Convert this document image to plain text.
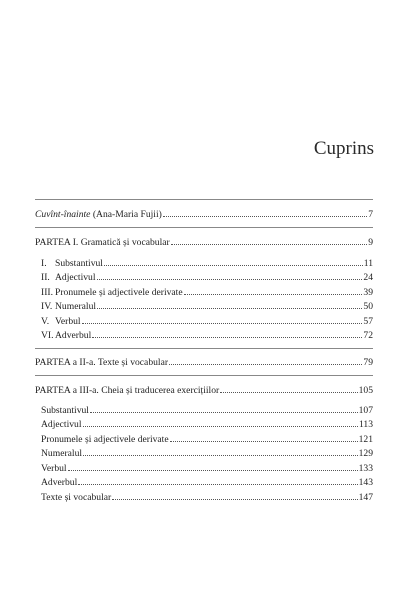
Cuprins
Cuvînt-înainte (Ana-Maria Fujii)	7
PARTEA I. Gramatică și vocabular	9
I. Substantivul	11
II. Adjectivul	24
III. Pronumele și adjectivele derivate	39
IV. Numeralul	50
V. Verbul	57
VI. Adverbul	72
PARTEA a II-a. Texte și vocabular	79
PARTEA a III-a. Cheia și traducerea exercițiilor	105
Substantivul	107
Adjectivul	113
Pronumele și adjectivele derivate	121
Numeralul	129
Verbul	133
Adverbul	143
Texte și vocabular	147
